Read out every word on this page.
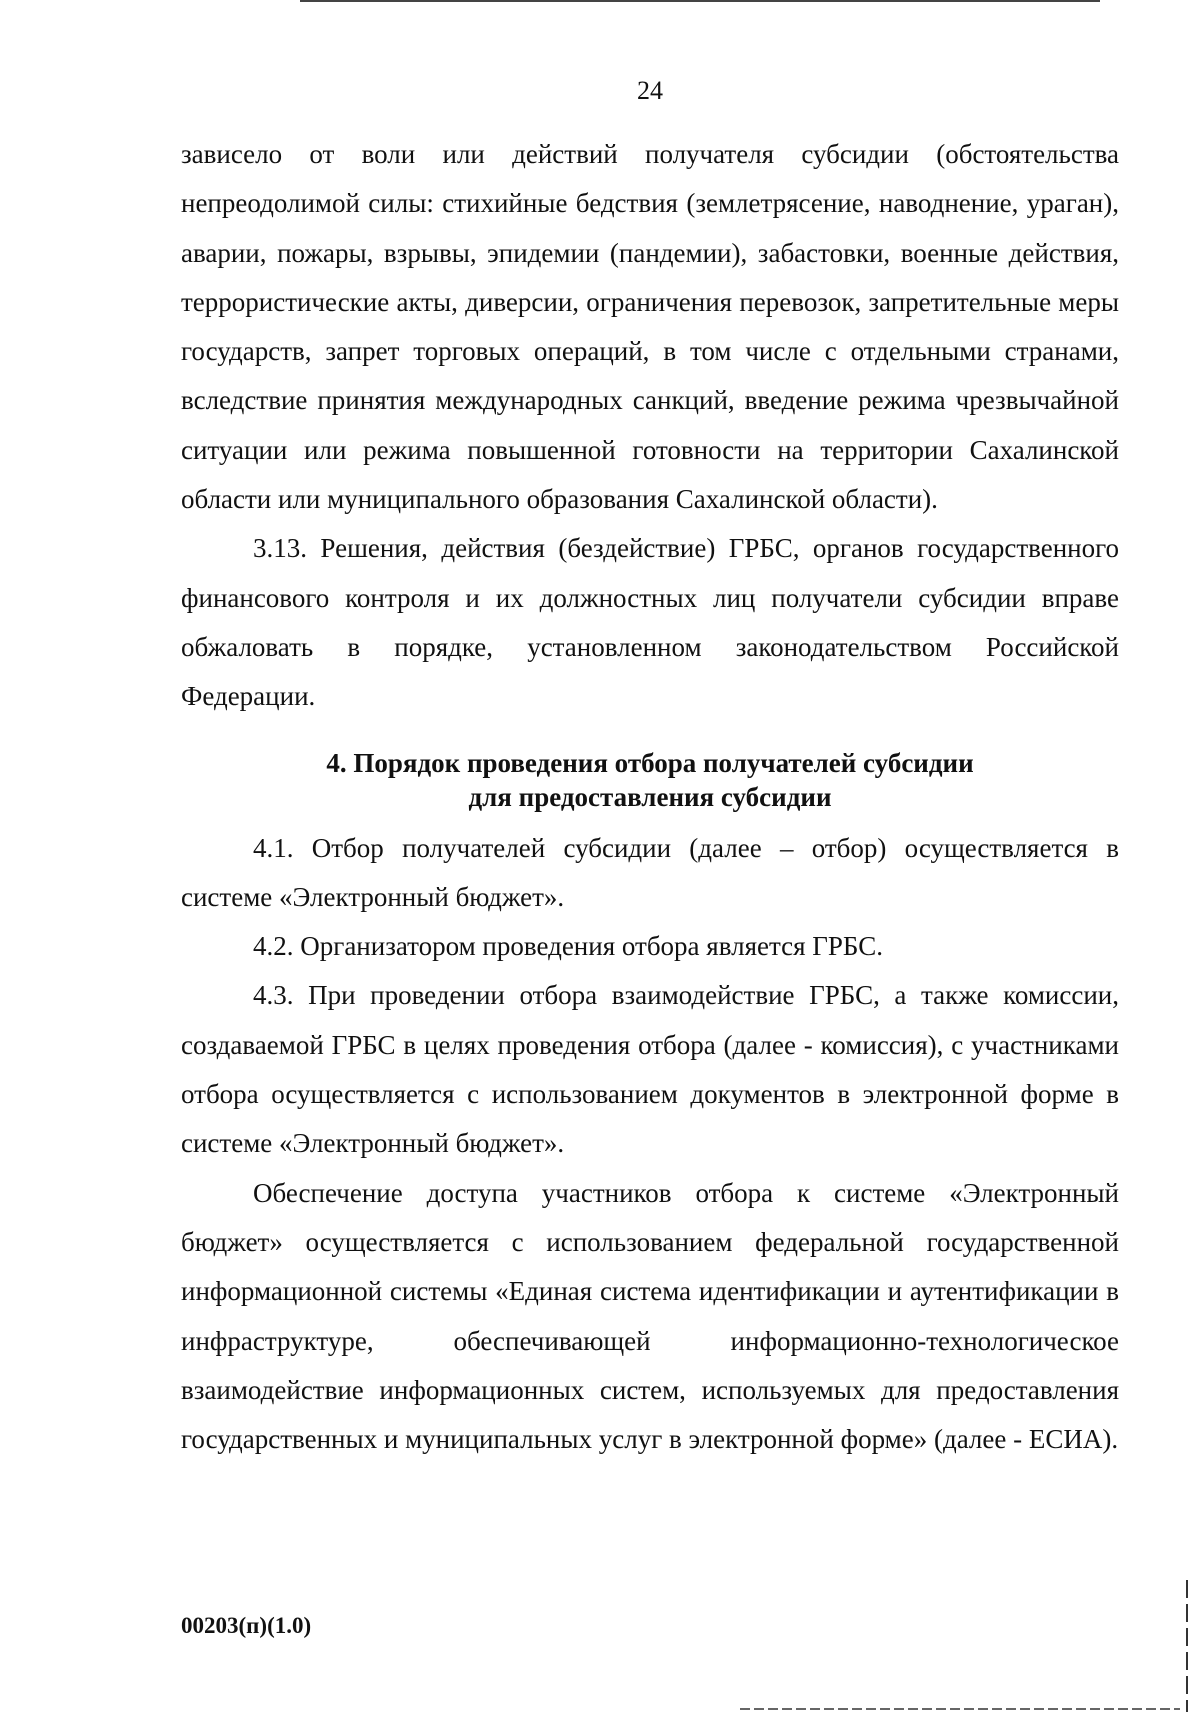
24

зависело от воли или действий получателя субсидии (обстоятельства непреодолимой силы: стихийные бедствия (землетрясение, наводнение, ураган), аварии, пожары, взрывы, эпидемии (пандемии), забастовки, военные действия, террористические акты, диверсии, ограничения перевозок, запретительные меры государств, запрет торговых операций, в том числе с отдельными странами, вследствие принятия международных санкций, введение режима чрезвычайной ситуации или режима повышенной готовности на территории Сахалинской области или муниципального образования Сахалинской области).

3.13. Решения, действия (бездействие) ГРБС, органов государственного финансового контроля и их должностных лиц получатели субсидии вправе обжаловать в порядке, установленном законодательством Российской Федерации.

4. Порядок проведения отбора получателей субсидии
для предоставления субсидии

4.1. Отбор получателей субсидии (далее – отбор) осуществляется в системе «Электронный бюджет».

4.2. Организатором проведения отбора является ГРБС.

4.3. При проведении отбора взаимодействие ГРБС, а также комиссии, создаваемой ГРБС в целях проведения отбора (далее - комиссия), с участниками отбора осуществляется с использованием документов в электронной форме в системе «Электронный бюджет».

Обеспечение доступа участников отбора к системе «Электронный бюджет» осуществляется с использованием федеральной государственной информационной системы «Единая система идентификации и аутентификации в инфраструктуре, обеспечивающей информационно-технологическое взаимодействие информационных систем, используемых для предоставления государственных и муниципальных услуг в электронной форме» (далее - ЕСИА).

00203(п)(1.0)
